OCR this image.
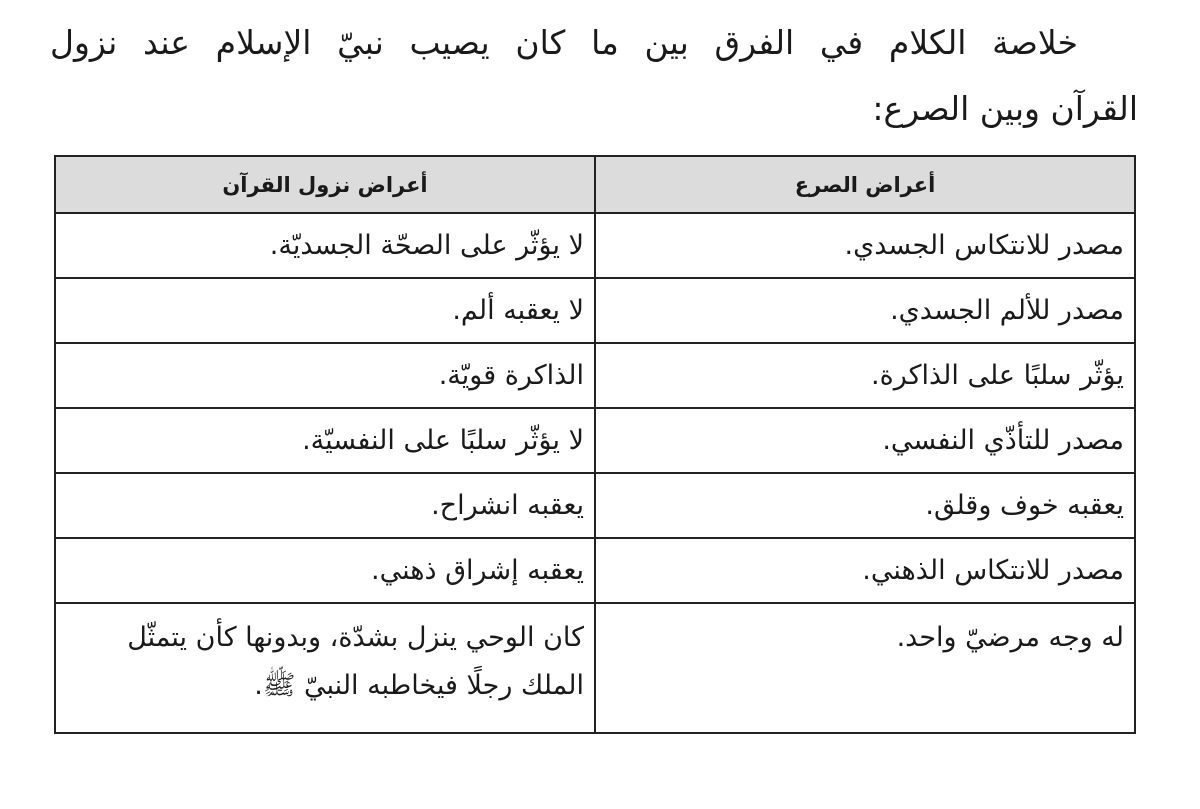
خلاصة الكلام في الفرق بين ما كان يصيب نبيّ الإسلام عند نزول
القرآن وبين الصرع:

أعراض الصرع	أعراض نزول القرآن
مصدر للانتكاس الجسدي.	لا يؤثّر على الصحّة الجسديّة.
مصدر للألم الجسدي.	لا يعقبه ألم.
يؤثّر سلبًا على الذاكرة.	الذاكرة قويّة.
مصدر للتأذّي النفسي.	لا يؤثّر سلبًا على النفسيّة.
يعقبه خوف وقلق.	يعقبه انشراح.
مصدر للانتكاس الذهني.	يعقبه إشراق ذهني.
له وجه مرضيّ واحد.	كان الوحي ينزل بشدّة، وبدونها كأن يتمثّل الملك رجلًا فيخاطبه النبيّ ﷺ.
